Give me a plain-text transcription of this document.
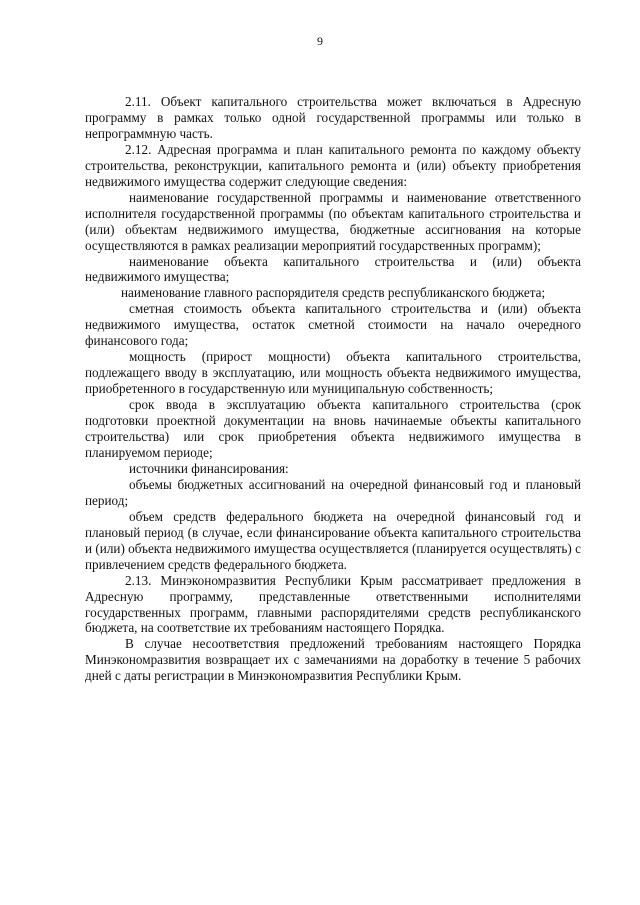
9

2.11. Объект капитального строительства может включаться в Адресную программу в рамках только одной государственной программы или только в непрограммную часть.

2.12. Адресная программа и план капитального ремонта по каждому объекту строительства, реконструкции, капитального ремонта и (или) объекту приобретения недвижимого имущества содержит следующие сведения:

наименование государственной программы и наименование ответственного исполнителя государственной программы (по объектам капитального строительства и (или) объектам недвижимого имущества, бюджетные ассигнования на которые осуществляются в рамках реализации мероприятий государственных программ);

наименование объекта капитального строительства и (или) объекта недвижимого имущества;

наименование главного распорядителя средств республиканского бюджета;

сметная стоимость объекта капитального строительства и (или) объекта недвижимого имущества, остаток сметной стоимости на начало очередного финансового года;

мощность (прирост мощности) объекта капитального строительства, подлежащего вводу в эксплуатацию, или мощность объекта недвижимого имущества, приобретенного в государственную или муниципальную собственность;

срок ввода в эксплуатацию объекта капитального строительства (срок подготовки проектной документации на вновь начинаемые объекты капитального строительства) или срок приобретения объекта недвижимого имущества в планируемом периоде;

источники финансирования:

объемы бюджетных ассигнований на очередной финансовый год и плановый период;

объем средств федерального бюджета на очередной финансовый год и плановый период (в случае, если финансирование объекта капитального строительства и (или) объекта недвижимого имущества осуществляется (планируется осуществлять) с привлечением средств федерального бюджета.

2.13. Минэкономразвития Республики Крым рассматривает предложения в Адресную программу, представленные ответственными исполнителями государственных программ, главными распорядителями средств республиканского бюджета, на соответствие их требованиям настоящего Порядка.

В случае несоответствия предложений требованиям настоящего Порядка Минэкономразвития возвращает их с замечаниями на доработку в течение 5 рабочих дней с даты регистрации в Минэкономразвития Республики Крым.
